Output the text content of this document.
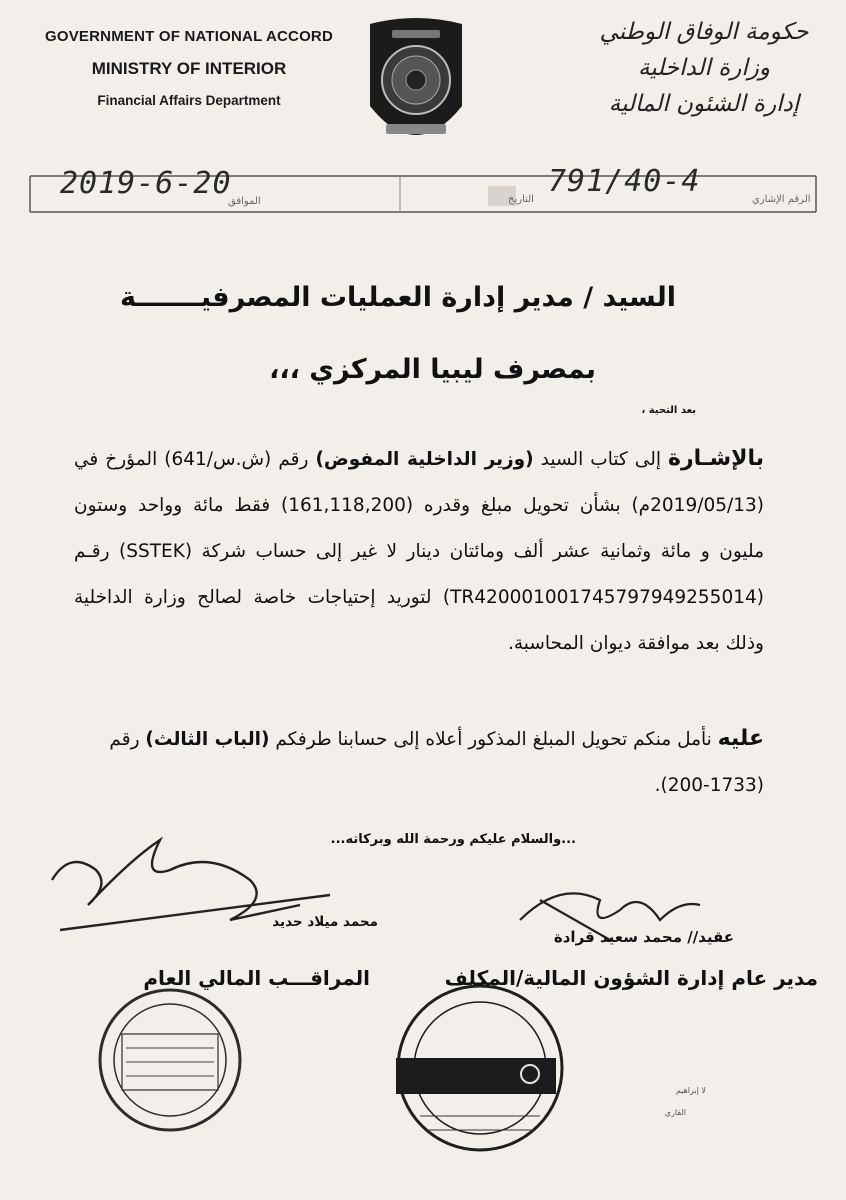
GOVERNMENT OF NATIONAL ACCORD
MINISTRY OF INTERIOR
Financial Affairs Department
حكومة الوفاق الوطني
وزارة الداخلية
إدارة الشئون المالية
2019-6-20
الموافق	التاريخ
791/40-4
الرقم الإشاري
السيد / مدير إدارة العمليات المصرفيـــــــة
بمصرف ليبيا المركزي ،،،
بعد التحية ،
بالإشـارة إلى كتاب السيد (وزير الداخلية المفوض) رقم (ش.س/641) المؤرخ في (2019/05/13م) بشأن تحويل مبلغ وقدره (161,118,200) فقط مائة وواحد وستون مليون و مائة وثمانية عشر ألف ومائتان دينار لا غير إلى حساب شركة (SSTEK) رقـم (TR420001001745797949255014) لتوريد إحتياجات خاصة لصالح وزارة الداخلية وذلك بعد موافقة ديوان المحاسبة.
عليه نأمل منكم تحويل المبلغ المذكور أعلاه إلى حسابنا طرفكم (الباب الثالث) رقم (1733-200).
...والسلام عليكم ورحمة الله وبركاته...
عقيد// محمد سعيد قرادة
محمد ميلاد حديد
مدير عام إدارة الشؤون المالية/المكلف
المراقـــب المالي العام
لا إبراهيم
القاري
